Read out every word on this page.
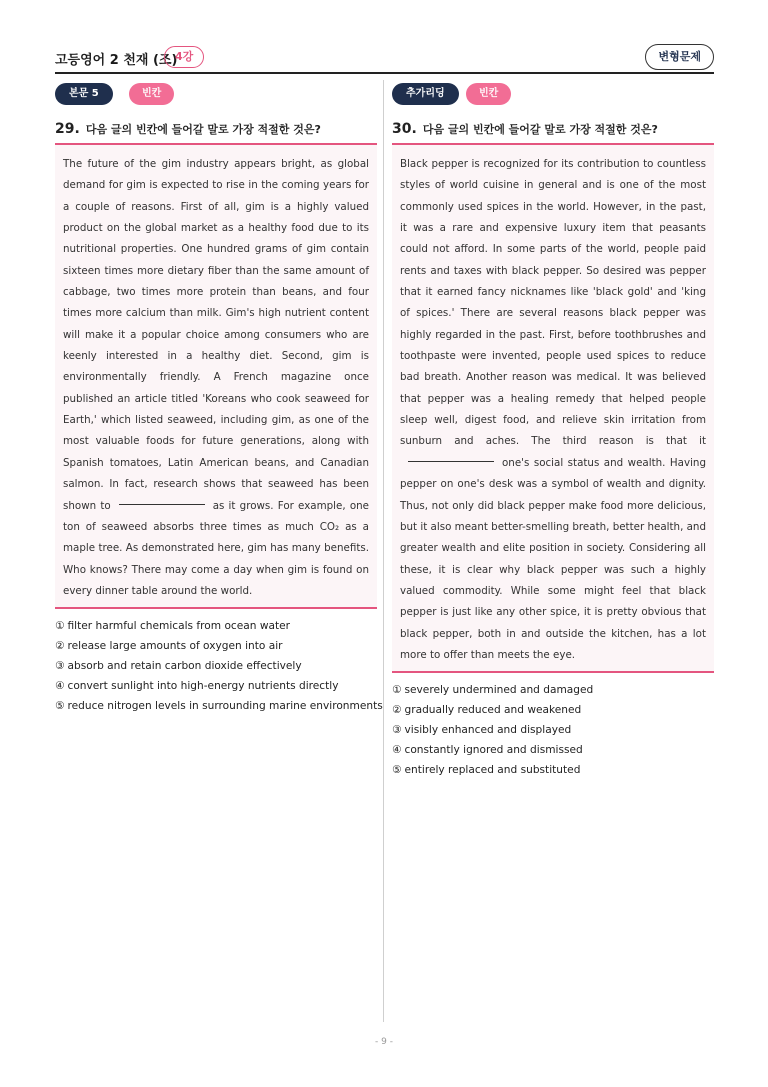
고등영어 2 천재 (조)
4강	변형문제
본문 5	빈칸
29. 다음 글의 빈칸에 들어갈 말로 가장 적절한 것은?

The future of the gim industry appears bright, as global demand for gim is expected to rise in the coming years for a couple of reasons. First of all, gim is a highly valued product on the global market as a healthy food due to its nutritional properties. One hundred grams of gim contain sixteen times more dietary fiber than the same amount of cabbage, two times more protein than beans, and four times more calcium than milk. Gim's high nutrient content will make it a popular choice among consumers who are keenly interested in a healthy diet. Second, gim is environmentally friendly. A French magazine once published an article titled 'Koreans who cook seaweed for Earth,' which listed seaweed, including gim, as one of the most valuable foods for future generations, along with Spanish tomatoes, Latin American beans, and Canadian salmon. In fact, research shows that seaweed has been shown to	as it grows. For example, one ton of seaweed absorbs three times as much CO₂ as a maple tree. As demonstrated here, gim has many benefits. Who knows? There may come a day when gim is found on every dinner table around the world.

① filter harmful chemicals from ocean water
② release large amounts of oxygen into air
③ absorb and retain carbon dioxide effectively
④ convert sunlight into high-energy nutrients directly
⑤ reduce nitrogen levels in surrounding marine environments
추가리딩	빈칸
30. 다음 글의 빈칸에 들어갈 말로 가장 적절한 것은?

Black pepper is recognized for its contribution to countless styles of world cuisine in general and is one of the most commonly used spices in the world. However, in the past, it was a rare and expensive luxury item that peasants could not afford. In some parts of the world, people paid rents and taxes with black pepper. So desired was pepper that it earned fancy nicknames like 'black gold' and 'king of spices.' There are several reasons black pepper was highly regarded in the past. First, before toothbrushes and toothpaste were invented, people used spices to reduce bad breath. Another reason was medical. It was believed that pepper was a healing remedy that helped people sleep well, digest food, and relieve skin irritation from sunburn and aches. The third reason is that itone's social status and wealth. Having pepper on one's desk was a symbol of wealth and dignity. Thus, not only did black pepper make food more delicious, but it also meant better-smelling breath, better health, and greater wealth and elite position in society. Considering all these, it is clear why black pepper was such a highly valued commodity. While some might feel that black pepper is just like any other spice, it is pretty obvious that black pepper, both in and outside the kitchen, has a lot more to offer than meets the eye.

① severely undermined and damaged
② gradually reduced and weakened
③ visibly enhanced and displayed
④ constantly ignored and dismissed
⑤ entirely replaced and substituted
- 9 -
